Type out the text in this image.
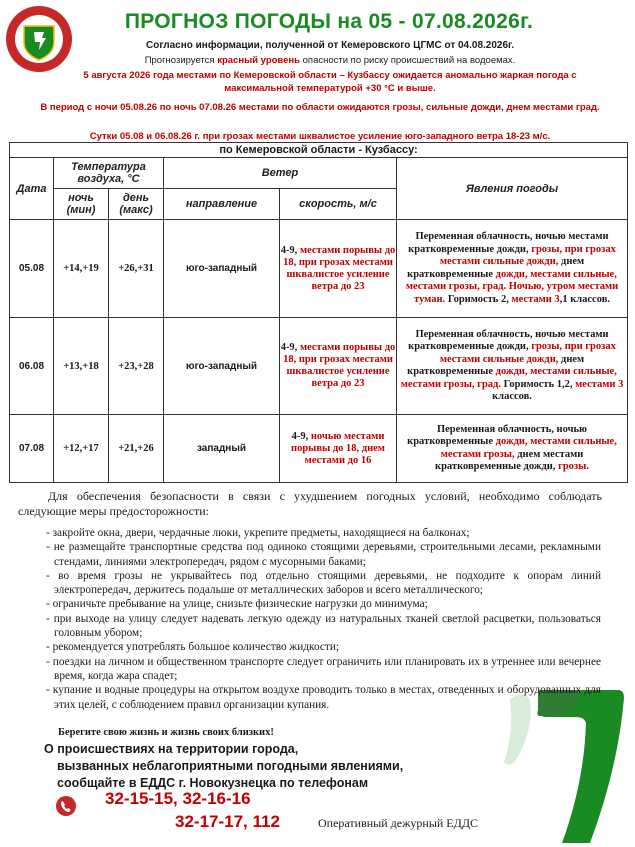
ПРОГНОЗ ПОГОДЫ на 05 - 07.08.2026г.
Согласно информации, полученной от Кемеровского ЦГМС от 04.08.2026г.
Прогнозируется красный уровень опасности по риску происшествий на водоемах.
5 августа 2026 года местами по Кемеровской области – Кузбассу ожидается аномально жаркая погода с максимальной температурой +30 °С и выше.
В период с ночи 05.08.26 по ночь 07.08.26 местами по области ожидаются грозы, сильные дожди, днем местами град.
Сутки 05.08 и 06.08.26 г. при грозах местами шквалистое усиление юго-западного ветра 18-23 м/с.
по Кемеровской области - Кузбассу:					
Дата	Температура воздуха, °С		Ветер		Явления погоды
	ночь (мин)	день (макс)	направление	скорость, м/с	
05.08	+14,+19	+26,+31	юго-западный	4-9, местами порывы до 18, при грозах местами шквалистое усиление ветра до 23	Переменная облачность, ночью местами кратковременные дожди, грозы, при грозах местами сильные дожди, днем кратковременные дожди, местами сильные, местами грозы, град. Ночью, утром местами туман. Горимость 2, местами 3,1 классов.
06.08	+13,+18	+23,+28	юго-западный	4-9, местами порывы до 18, при грозах местами шквалистое усиление ветра до 23	Переменная облачность, ночью местами кратковременные дожди, грозы, при грозах местами сильные дожди, днем кратковременные дожди, местами сильные, местами грозы, град. Горимость 1,2, местами 3 классов.
07.08	+12,+17	+21,+26	западный	4-9, ночью местами порывы до 18, днем местами до 16	Переменная облачность, ночью кратковременные дожди, местами сильные, местами грозы, днем местами кратковременные дожди, грозы.
Для обеспечения безопасности в связи с ухудшением погодных условий, необходимо соблюдать следующие меры предосторожности:
- закройте окна, двери, чердачные люки, укрепите предметы, находящиеся на балконах;
- не размещайте транспортные средства под одиноко стоящими деревьями, строительными лесами, рекламными стендами, линиями электропередач, рядом с мусорными баками;
- во время грозы не укрывайтесь под отдельно стоящими деревьями, не подходите к опорам линий электропередач, держитесь подальше от металлических заборов и всего металлического;
- ограничьте пребывание на улице, снизьте физические нагрузки до минимума;
- при выходе на улицу следует надевать легкую одежду из натуральных тканей светлой расцветки, пользоваться головным убором;
- рекомендуется употреблять большое количество жидкости;
- поездки на личном и общественном транспорте следует ограничить или планировать их в утреннее или вечернее время, когда жара спадет;
- купание и водные процедуры на открытом воздухе проводить только в местах, отведенных и оборудованных для этих целей, с соблюдением правил организации купания.
Берегите свою жизнь и жизнь своих близких!
О происшествиях на территории города,
вызванных неблагоприятными погодными явлениями,
сообщайте в ЕДДС г. Новокузнецка по телефонам
32-15-15, 32-16-16
32-17-17, 112	Оперативный дежурный ЕДДС
